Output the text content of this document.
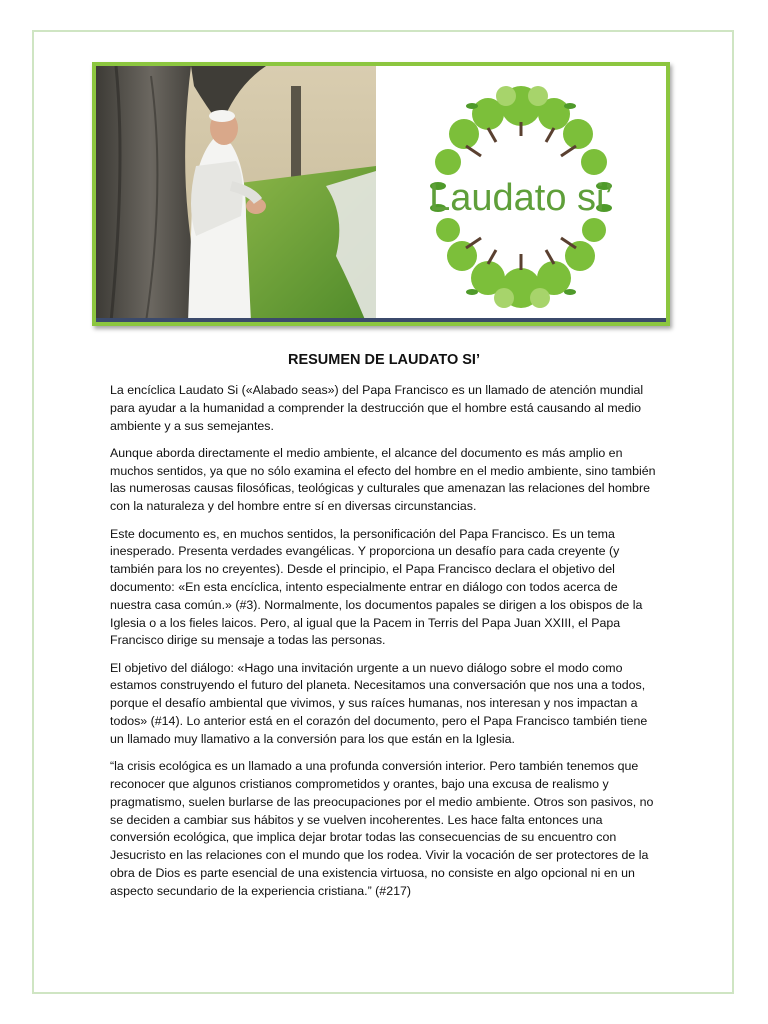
Laudato si’
RESUMEN DE LAUDATO SI’

La encíclica Laudato Si («Alabado seas») del Papa Francisco es un llamado de atención mundial para ayudar a la humanidad a comprender la destrucción que el hombre está causando al medio ambiente y a sus semejantes.

Aunque aborda directamente el medio ambiente, el alcance del documento es más amplio en muchos sentidos, ya que no sólo examina el efecto del hombre en el medio ambiente, sino también las numerosas causas filosóficas, teológicas y culturales que amenazan las relaciones del hombre con la naturaleza y del hombre entre sí en diversas circunstancias.

Este documento es, en muchos sentidos, la personificación del Papa Francisco. Es un tema inesperado. Presenta verdades evangélicas. Y proporciona un desafío para cada creyente (y también para los no creyentes). Desde el principio, el Papa Francisco declara el objetivo del documento: «En esta encíclica, intento especialmente entrar en diálogo con todos acerca de nuestra casa común.» (#3). Normalmente, los documentos papales se dirigen a los obispos de la Iglesia o a los fieles laicos. Pero, al igual que la Pacem in Terris del Papa Juan XXIII, el Papa Francisco dirige su mensaje a todas las personas.

El objetivo del diálogo: «Hago una invitación urgente a un nuevo diálogo sobre el modo como estamos construyendo el futuro del planeta. Necesitamos una conversación que nos una a todos, porque el desafío ambiental que vivimos, y sus raíces humanas, nos interesan y nos impactan a todos» (#14). Lo anterior está en el corazón del documento, pero el Papa Francisco también tiene un llamado muy llamativo a la conversión para los que están en la Iglesia.

“la crisis ecológica es un llamado a una profunda conversión interior. Pero también tenemos que reconocer que algunos cristianos comprometidos y orantes, bajo una excusa de realismo y pragmatismo, suelen burlarse de las preocupaciones por el medio ambiente. Otros son pasivos, no se deciden a cambiar sus hábitos y se vuelven incoherentes. Les hace falta entonces una conversión ecológica, que implica dejar brotar todas las consecuencias de su encuentro con Jesucristo en las relaciones con el mundo que los rodea. Vivir la vocación de ser protectores de la obra de Dios es parte esencial de una existencia virtuosa, no consiste en algo opcional ni en un aspecto secundario de la experiencia cristiana.” (#217)
